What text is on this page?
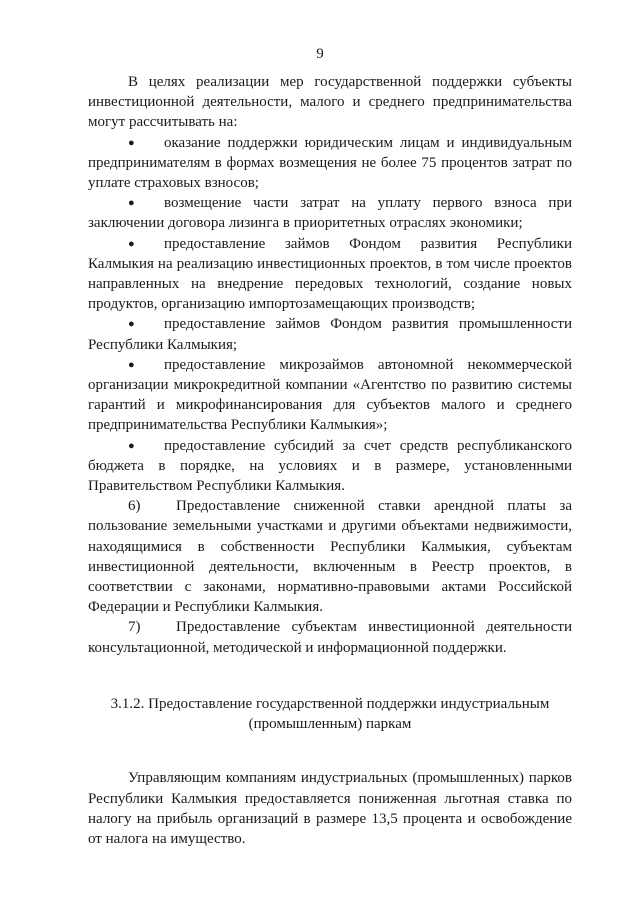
9

В целях реализации мер государственной поддержки субъекты инвестиционной деятельности, малого и среднего предпринимательства могут рассчитывать на:

● оказание поддержки юридическим лицам и индивидуальным предпринимателям в формах возмещения не более 75 процентов затрат по уплате страховых взносов;

● возмещение части затрат на уплату первого взноса при заключении договора лизинга в приоритетных отраслях экономики;

● предоставление займов Фондом развития Республики Калмыкия на реализацию инвестиционных проектов, в том числе проектов направленных на внедрение передовых технологий, создание новых продуктов, организацию импортозамещающих производств;

● предоставление займов Фондом развития промышленности Республики Калмыкия;

● предоставление микрозаймов автономной некоммерческой организации микрокредитной компании «Агентство по развитию системы гарантий и микрофинансирования для субъектов малого и среднего предпринимательства Республики Калмыкия»;

● предоставление субсидий за счет средств республиканского бюджета в порядке, на условиях и в размере, установленными Правительством Республики Калмыкия.

6) Предоставление сниженной ставки арендной платы за пользование земельными участками и другими объектами недвижимости, находящимися в собственности Республики Калмыкия, субъектам инвестиционной деятельности, включенным в Реестр проектов, в соответствии с законами, нормативно-правовыми актами Российской Федерации и Республики Калмыкия.

7) Предоставление субъектам инвестиционной деятельности консультационной, методической и информационной поддержки.

3.1.2. Предоставление государственной поддержки индустриальным (промышленным) паркам

Управляющим компаниям индустриальных (промышленных) парков Республики Калмыкия предоставляется пониженная льготная ставка по налогу на прибыль организаций в размере 13,5 процента и освобождение от налога на имущество.
